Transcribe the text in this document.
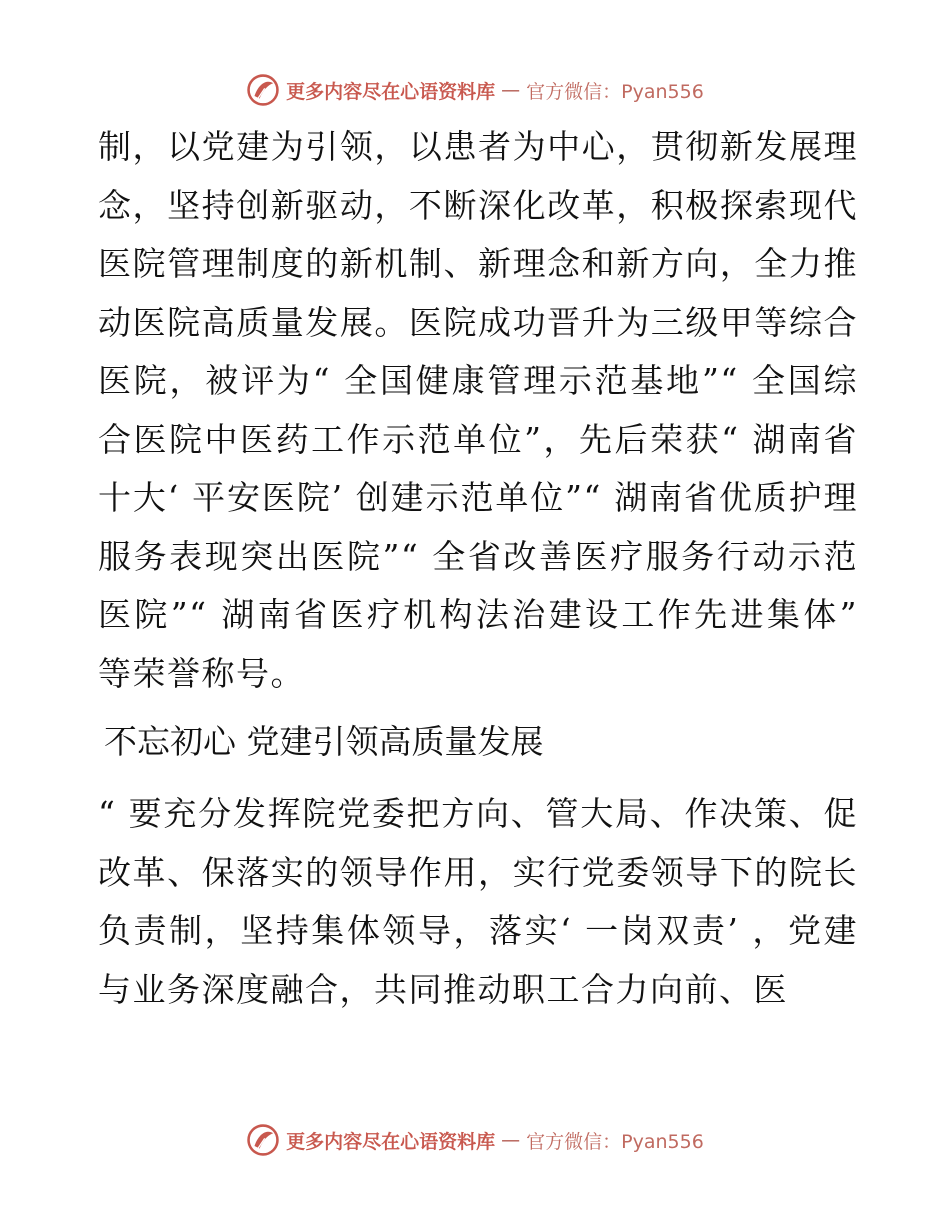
更多内容尽在心语资料库 — 官方微信：Pyan556

制，以党建为引领，以患者为中心，贯彻新发展理念，坚持创新驱动，不断深化改革，积极探索现代医院管理制度的新机制、新理念和新方向，全力推动医院高质量发展。医院成功晋升为三级甲等综合医院，被评为“ 全国健康管理示范基地”“ 全国综合医院中医药工作示范单位”，先后荣获“ 湖南省十大‘ 平安医院’ 创建示范单位”“ 湖南省优质护理服务表现突出医院”“ 全省改善医疗服务行动示范医院”“ 湖南省医疗机构法治建设工作先进集体” 等荣誉称号。

不忘初心 党建引领高质量发展

“ 要充分发挥院党委把方向、管大局、作决策、促改革、保落实的领导作用，实行党委领导下的院长负责制，坚持集体领导，落实‘ 一岗双责’ ，党建与业务深度融合，共同推动职工合力向前、医

更多内容尽在心语资料库 — 官方微信：Pyan556
